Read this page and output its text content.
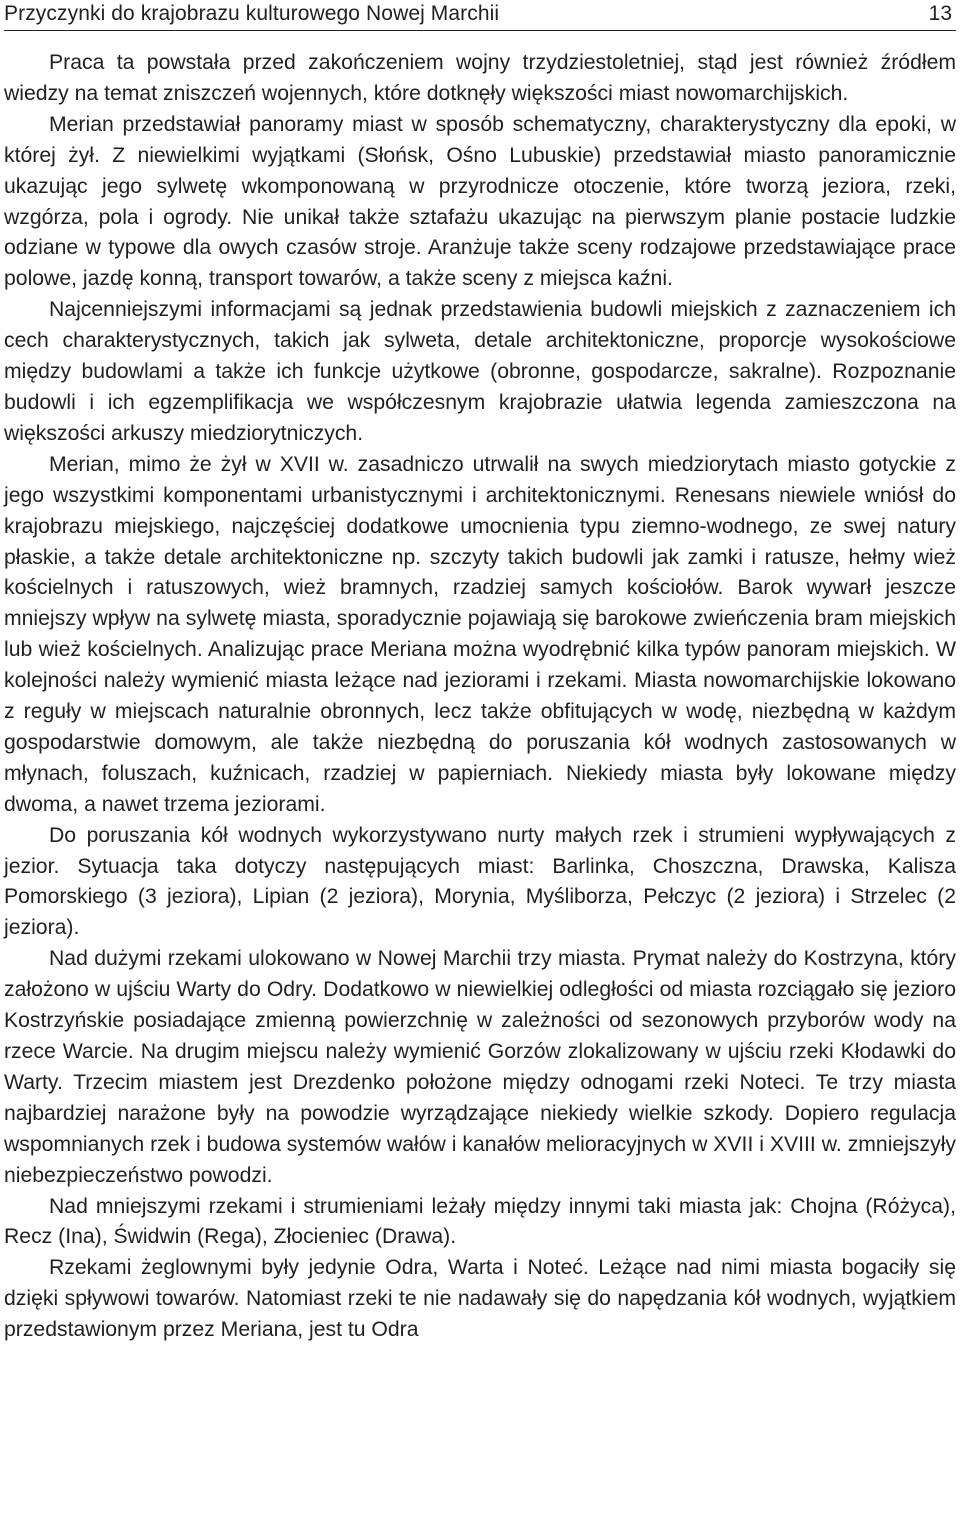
Przyczynki do krajobrazu kulturowego Nowej Marchii	13

Praca ta powstała przed zakończeniem wojny trzydziestoletniej, stąd jest również źródłem wiedzy na temat zniszczeń wojennych, które dotknęły większości miast nowomarchijskich.

Merian przedstawiał panoramy miast w sposób schematyczny, charakterystyczny dla epoki, w której żył. Z niewielkimi wyjątkami (Słońsk, Ośno Lubuskie) przedstawiał miasto panoramicznie ukazując jego sylwetę wkomponowaną w przyrodnicze otoczenie, które tworzą jeziora, rzeki, wzgórza, pola i ogrody. Nie unikał także sztafażu ukazując na pierwszym planie postacie ludzkie odziane w typowe dla owych czasów stroje. Aranżuje także sceny rodzajowe przedstawiające prace polowe, jazdę konną, transport towarów, a także sceny z miejsca kaźni.

Najcenniejszymi informacjami są jednak przedstawienia budowli miejskich z zaznaczeniem ich cech charakterystycznych, takich jak sylweta, detale architektoniczne, proporcje wysokościowe między budowlami a także ich funkcje użytkowe (obronne, gospodarcze, sakralne). Rozpoznanie budowli i ich egzemplifikacja we współczesnym krajobrazie ułatwia legenda zamieszczona na większości arkuszy miedziorytniczych.

Merian, mimo że żył w XVII w. zasadniczo utrwalił na swych miedziorytach miasto gotyckie z jego wszystkimi komponentami urbanistycznymi i architektonicznymi. Renesans niewiele wniósł do krajobrazu miejskiego, najczęściej dodatkowe umocnienia typu ziemno-wodnego, ze swej natury płaskie, a także detale architektoniczne np. szczyty takich budowli jak zamki i ratusze, hełmy wież kościelnych i ratuszowych, wież bramnych, rzadziej samych kościołów. Barok wywarł jeszcze mniejszy wpływ na sylwetę miasta, sporadycznie pojawiają się barokowe zwieńczenia bram miejskich lub wież kościelnych. Analizując prace Meriana można wyodrębnić kilka typów panoram miejskich. W kolejności należy wymienić miasta leżące nad jeziorami i rzekami. Miasta nowomarchijskie lokowano z reguły w miejscach naturalnie obronnych, lecz także obfitujących w wodę, niezbędną w każdym gospodarstwie domowym, ale także niezbędną do poruszania kół wodnych zastosowanych w młynach, foluszach, kuźnicach, rzadziej w papierniach. Niekiedy miasta były lokowane między dwoma, a nawet trzema jeziorami.

Do poruszania kół wodnych wykorzystywano nurty małych rzek i strumieni wypływających z jezior. Sytuacja taka dotyczy następujących miast: Barlinka, Choszczna, Drawska, Kalisza Pomorskiego (3 jeziora), Lipian (2 jeziora), Morynia, Myśliborza, Pełczyc (2 jeziora) i Strzelec (2 jeziora).

Nad dużymi rzekami ulokowano w Nowej Marchii trzy miasta. Prymat należy do Kostrzyna, który założono w ujściu Warty do Odry. Dodatkowo w niewielkiej odległości od miasta rozciągało się jezioro Kostrzyńskie posiadające zmienną powierzchnię w zależności od sezonowych przyborów wody na rzece Warcie. Na drugim miejscu należy wymienić Gorzów zlokalizowany w ujściu rzeki Kłodawki do Warty. Trzecim miastem jest Drezdenko położone między odnogami rzeki Noteci. Te trzy miasta najbardziej narażone były na powodzie wyrządzające niekiedy wielkie szkody. Dopiero regulacja wspomnianych rzek i budowa systemów wałów i kanałów melioracyjnych w XVII i XVIII w. zmniejszyły niebezpieczeństwo powodzi.

Nad mniejszymi rzekami i strumieniami leżały między innymi taki miasta jak: Chojna (Różyca), Recz (Ina), Świdwin (Rega), Złocieniec (Drawa).

Rzekami żeglownymi były jedynie Odra, Warta i Noteć. Leżące nad nimi miasta bogaciły się dzięki spływowi towarów. Natomiast rzeki te nie nadawały się do napędzania kół wodnych, wyjątkiem przedstawionym przez Meriana, jest tu Odra
